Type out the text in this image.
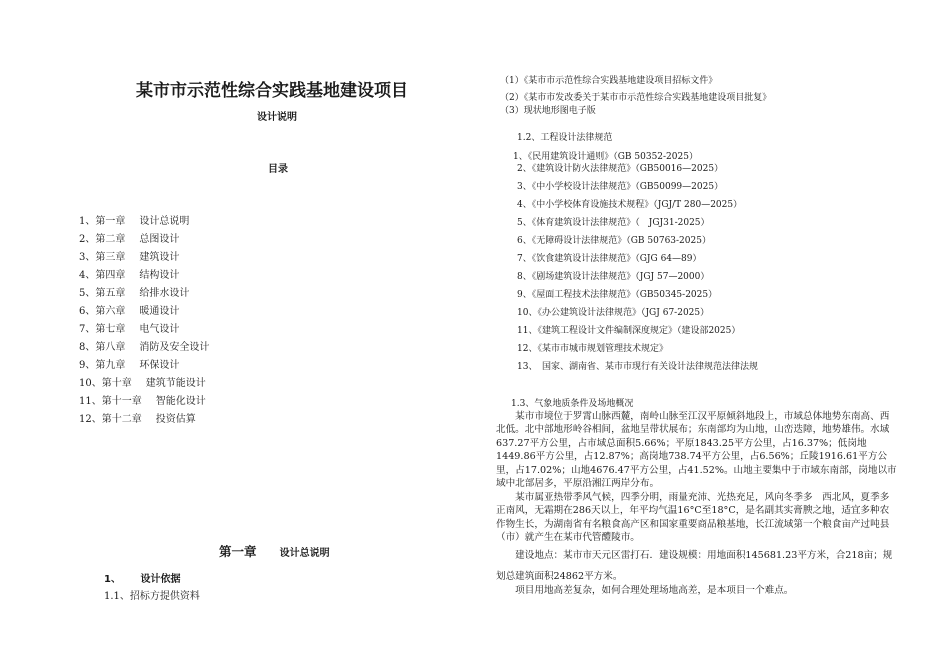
某市市示范性综合实践基地建设项目
设计说明
目录
1、第一章 设计总说明
2、第二章 总图设计
3、第三章 建筑设计
4、第四章 结构设计
5、第五章 给排水设计
6、第六章 暖通设计
7、第七章 电气设计
8、第八章 消防及安全设计
9、第九章 环保设计
10、第十章 建筑节能设计
11、第十一章 智能化设计
12、第十二章 投资估算
第一章 设计总说明
1、 设计依据
1.1、招标方提供资料
（1）《某市市示范性综合实践基地建设项目招标文件》
（2）《某市市发改委关于某市市示范性综合实践基地建设项目批复》
（3）现状地形图电子版
1.2、工程设计法律规范
1、《民用建筑设计通则》（GB 50352-2025）
2、《建筑设计防火法律规范》（GB50016—2025）
3、《中小学校设计法律规范》（GB50099—2025）
4、《中小学校体育设施技术规程》（JGJ/T 280—2025）
5、《体育建筑设计法律规范》（　JGJ31-2025）
6、《无障碍设计法律规范》（GB 50763-2025）
7、《饮食建筑设计法律规范》（GJG 64—89）
8、《剧场建筑设计法律规范》（JGJ 57—2000）
9、《屋面工程技术法律规范》（GB50345-2025）
10、《办公建筑设计法律规范》（JGJ 67-2025）
11、《建筑工程设计文件编制深度规定》（建设部2025）
12、《某市市城市规划管理技术规定》
13、　国家、湖南省、某市市现行有关设计法律规范法律法规
1.3、气象地质条件及场地概况
　　某市市境位于罗霄山脉西麓，南岭山脉至江汉平原倾斜地段上，市域总体地势东南高、西北低。北中部地形岭谷相间，盆地呈带状展布；东南部均为山地，山峦迭障，地势雄伟。水域637.27平方公里，占市域总面积5.66%；平原1843.25平方公里，占16.37%；低岗地1449.86平方公里，占12.87%；高岗地738.74平方公里，占6.56%；丘陵1916.61平方公里，占17.02%；山地4676.47平方公里，占41.52%。山地主要集中于市域东南部，岗地以市域中北部居多，平原沿湘江两岸分布。
　　某市属亚热带季风气候，四季分明，雨量充沛、光热充足，风向冬季多　西北风，夏季多正南风，无霜期在286天以上，年平均气温16°C至18°C，是名副其实膏腴之地，适宜多种农作物生长，为湖南省有名粮食高产区和国家重要商品粮基地，长江流域第一个粮食亩产过吨县（市）就产生在某市代管醴陵市。
　　建设地点：某市市天元区雷打石．建设规模：用地面积145681.23平方米，合218亩；规划总建筑面积24862平方米。
　　项目用地高差复杂，如何合理处理场地高差，是本项目一个难点。
